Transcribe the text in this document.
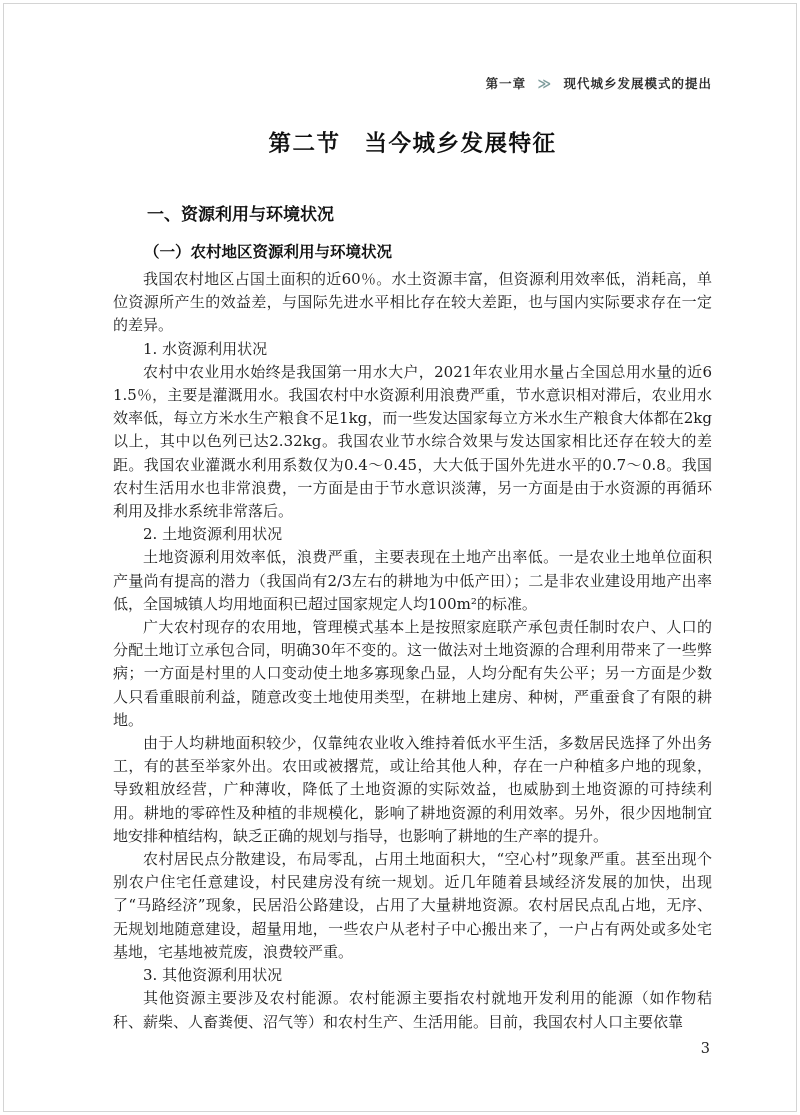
第一章 ≫ 现代城乡发展模式的提出
第二节　当今城乡发展特征
一、资源利用与环境状况
（一）农村地区资源利用与环境状况

我国农村地区占国土面积的近60％。水土资源丰富，但资源利用效率低，消耗高，单位资源所产生的效益差，与国际先进水平相比存在较大差距，也与国内实际要求存在一定的差异。

1. 水资源利用状况

农村中农业用水始终是我国第一用水大户，2021年农业用水量占全国总用水量的近61.5％，主要是灌溉用水。我国农村中水资源利用浪费严重，节水意识相对滞后，农业用水效率低，每立方米水生产粮食不足1kg，而一些发达国家每立方米水生产粮食大体都在2kg以上，其中以色列已达2.32kg。我国农业节水综合效果与发达国家相比还存在较大的差距。我国农业灌溉水利用系数仅为0.4～0.45，大大低于国外先进水平的0.7～0.8。我国农村生活用水也非常浪费，一方面是由于节水意识淡薄，另一方面是由于水资源的再循环利用及排水系统非常落后。

2. 土地资源利用状况

土地资源利用效率低，浪费严重，主要表现在土地产出率低。一是农业土地单位面积产量尚有提高的潜力（我国尚有2/3左右的耕地为中低产田）；二是非农业建设用地产出率低，全国城镇人均用地面积已超过国家规定人均100m²的标准。

广大农村现存的农用地，管理模式基本上是按照家庭联产承包责任制时农户、人口的分配土地订立承包合同，明确30年不变的。这一做法对土地资源的合理利用带来了一些弊病；一方面是村里的人口变动使土地多寡现象凸显，人均分配有失公平；另一方面是少数人只看重眼前利益，随意改变土地使用类型，在耕地上建房、种树，严重蚕食了有限的耕地。

由于人均耕地面积较少，仅靠纯农业收入维持着低水平生活，多数居民选择了外出务工，有的甚至举家外出。农田或被撂荒，或让给其他人种，存在一户种植多户地的现象，导致粗放经营，广种薄收，降低了土地资源的实际效益，也威胁到土地资源的可持续利用。耕地的零碎性及种植的非规模化，影响了耕地资源的利用效率。另外，很少因地制宜地安排种植结构，缺乏正确的规划与指导，也影响了耕地的生产率的提升。

农村居民点分散建设，布局零乱，占用土地面积大，“空心村”现象严重。甚至出现个别农户住宅任意建设，村民建房没有统一规划。近几年随着县域经济发展的加快，出现了“马路经济”现象，民居沿公路建设，占用了大量耕地资源。农村居民点乱占地，无序、无规划地随意建设，超量用地，一些农户从老村子中心搬出来了，一户占有两处或多处宅基地，宅基地被荒废，浪费较严重。

3. 其他资源利用状况

其他资源主要涉及农村能源。农村能源主要指农村就地开发利用的能源（如作物秸秆、薪柴、人畜粪便、沼气等）和农村生产、生活用能。目前，我国农村人口主要依靠

3
